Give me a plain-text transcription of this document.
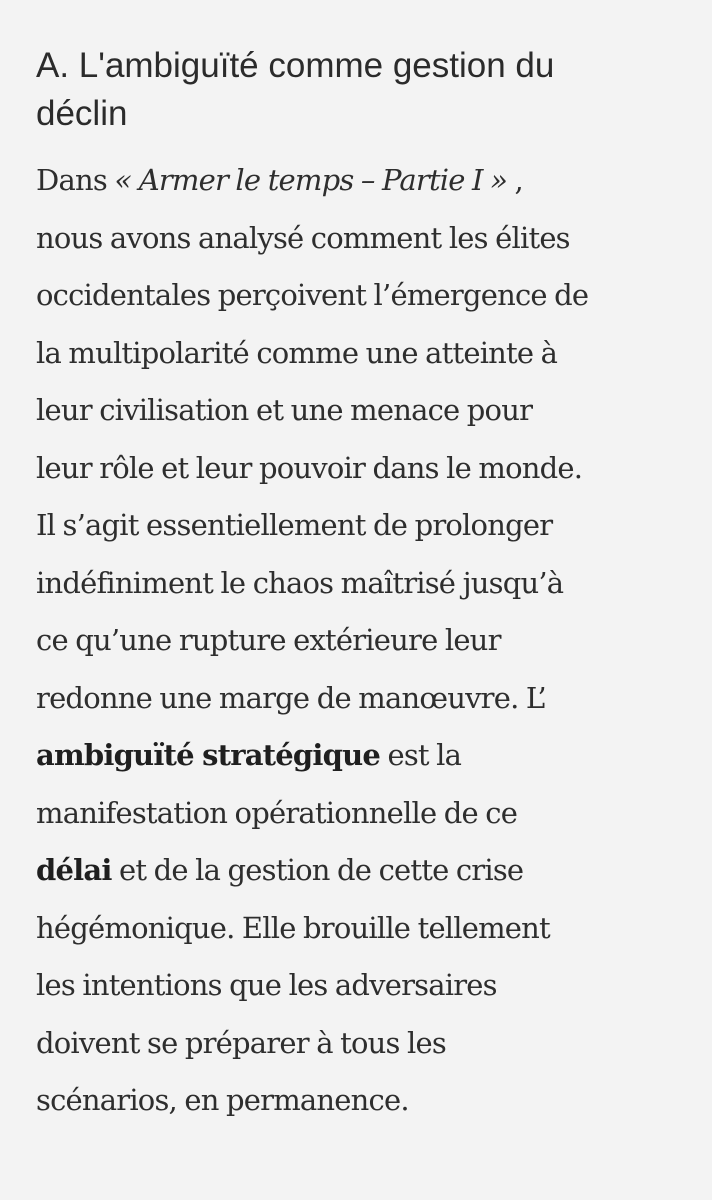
A. L'ambiguïté comme gestion du
déclin

Dans « Armer le temps – Partie I » ,
nous avons analysé comment les élites
occidentales perçoivent l’émergence de
la multipolarité comme une atteinte à
leur civilisation et une menace pour
leur rôle et leur pouvoir dans le monde.
Il s’agit essentiellement de prolonger
indéfiniment le chaos maîtrisé jusqu’à
ce qu’une rupture extérieure leur
redonne une marge de manœuvre. L’
ambiguïté stratégique est la
manifestation opérationnelle de ce
délai et de la gestion de cette crise
hégémonique. Elle brouille tellement
les intentions que les adversaires
doivent se préparer à tous les
scénarios, en permanence.
